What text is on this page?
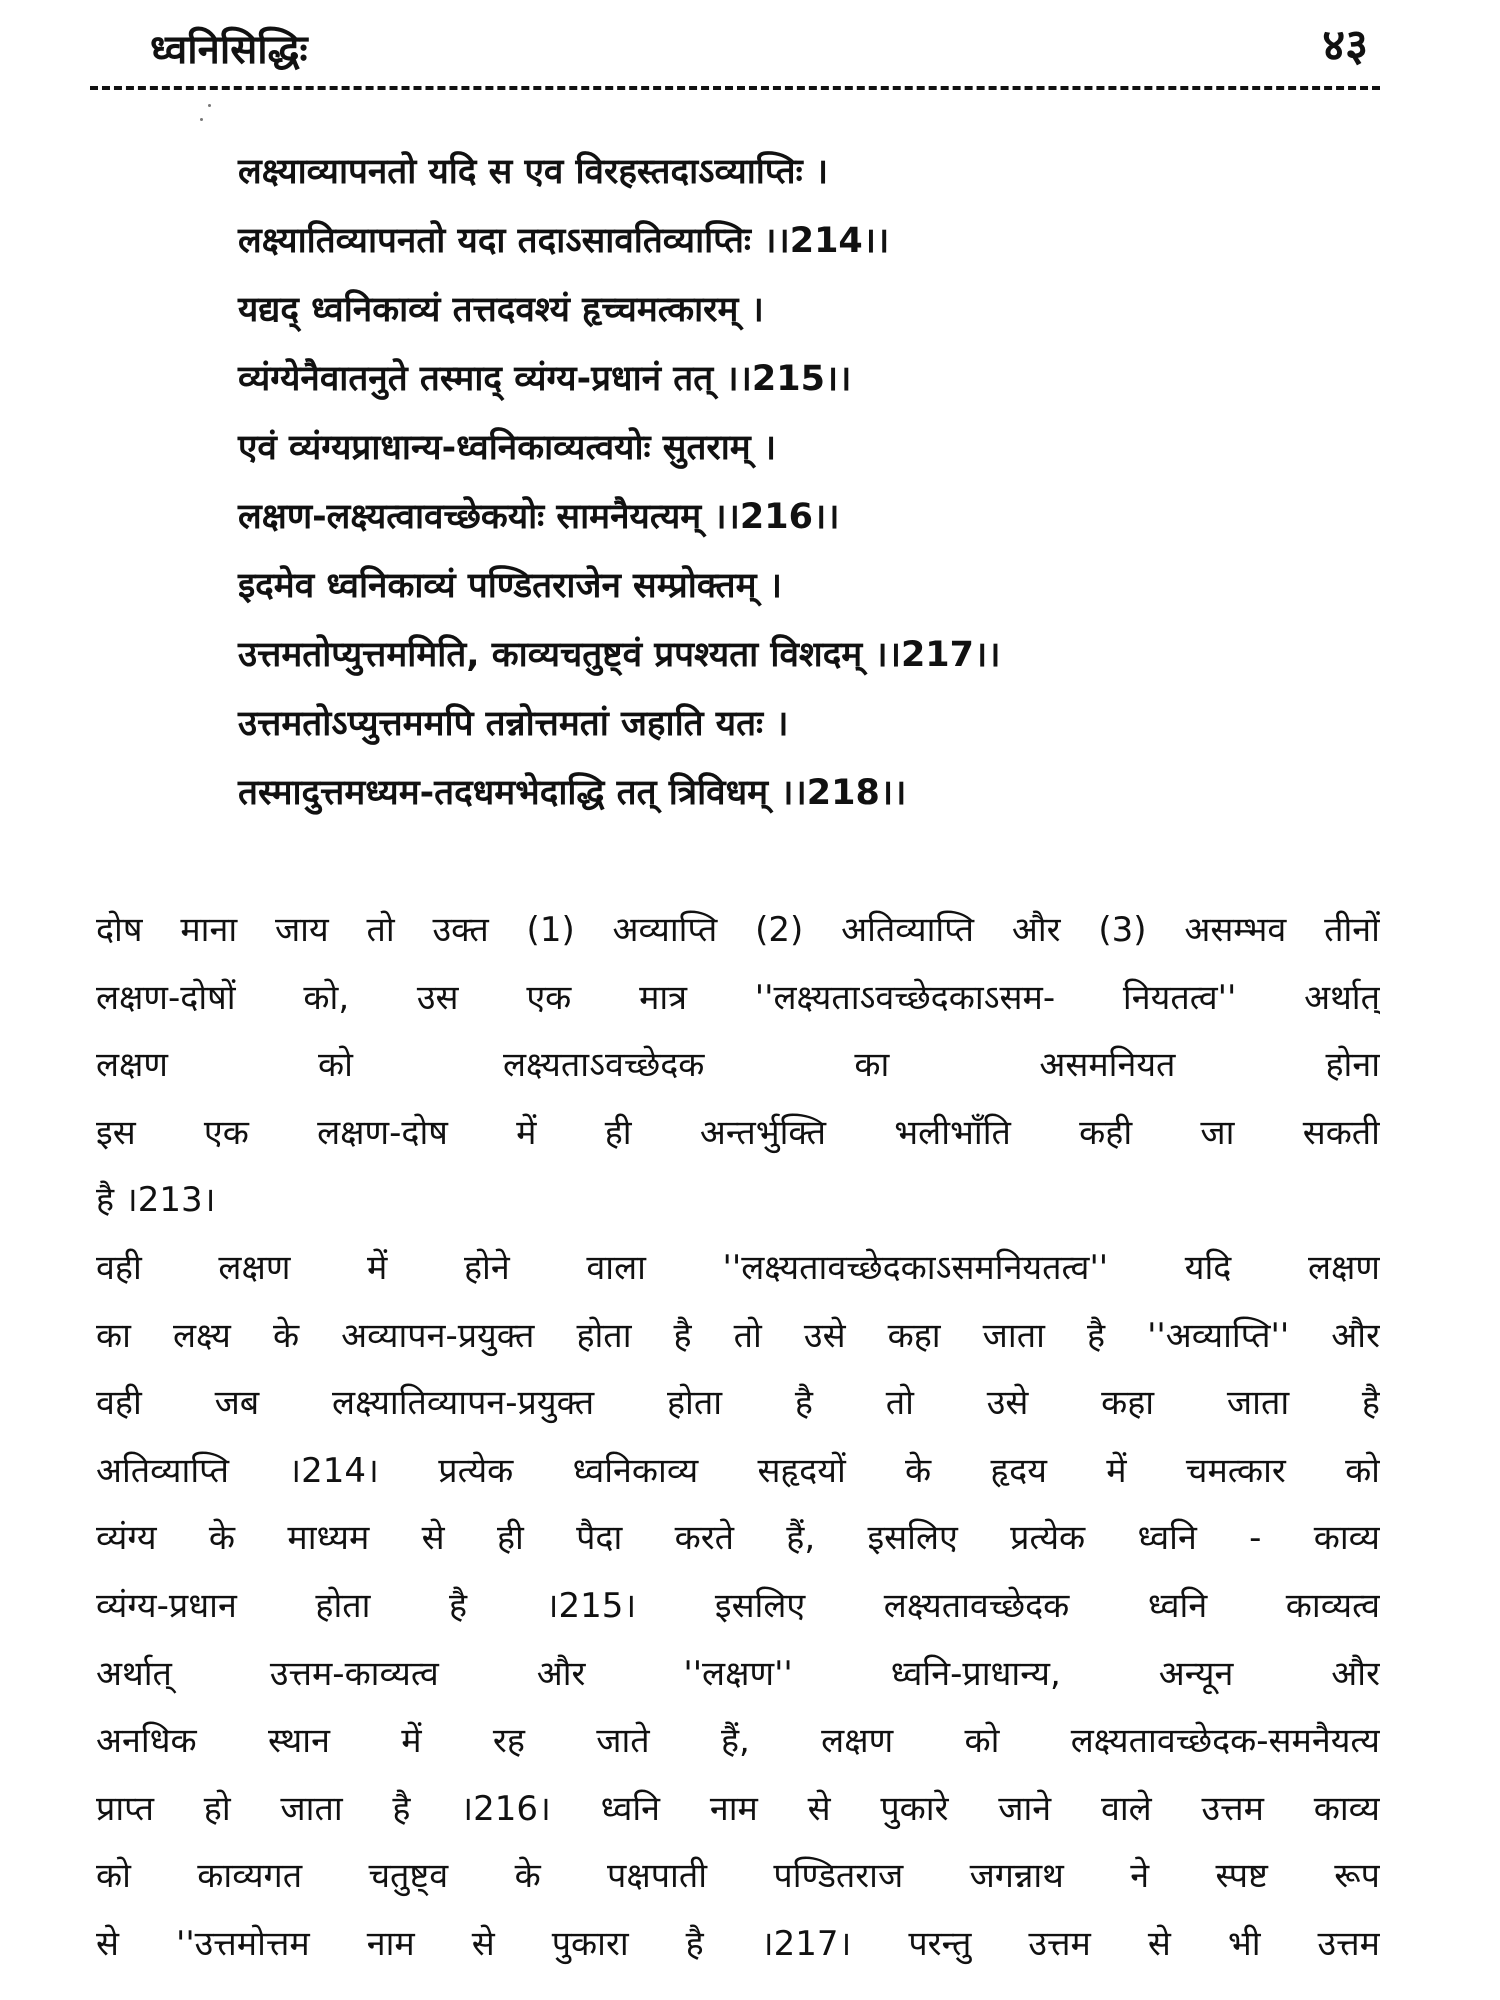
ध्वनिसिद्धिः	४३
लक्ष्याव्यापनतो यदि स एव विरहस्तदाऽव्याप्तिः ।
लक्ष्यातिव्यापनतो यदा तदाऽसावतिव्याप्तिः ।।214।।
यद्यद् ध्वनिकाव्यं तत्तदवश्यं हृच्चमत्कारम् ।
व्यंग्येनैवातनुते तस्माद् व्यंग्य-प्रधानं तत् ।।215।।
एवं व्यंग्यप्राधान्य-ध्वनिकाव्यत्वयोः सुतराम् ।
लक्षण-लक्ष्यत्वावच्छेकयोः सामनैयत्यम् ।।216।।
इदमेव ध्वनिकाव्यं पण्डितराजेन सम्प्रोक्तम् ।
उत्तमतोप्युत्तममिति, काव्यचतुष्ट्वं प्रपश्यता विशदम् ।।217।।
उत्तमतोऽप्युत्तममपि तन्नोत्तमतां जहाति यतः ।
तस्मादुत्तमध्यम-तदधमभेदाद्धि तत् त्रिविधम् ।।218।।
दोष माना जाय तो उक्त (1) अव्याप्ति (2) अतिव्याप्ति और (3) असम्भव तीनों
लक्षण-दोषों को, उस एक मात्र ''लक्ष्यताऽवच्छेदकाऽसम- नियतत्व'' अर्थात्
लक्षण को लक्ष्यताऽवच्छेदक का असमनियत होना
इस एक लक्षण-दोष में ही अन्तर्भुक्ति भलीभाँति कही जा सकती
है ।213।
वही लक्षण में होने वाला ''लक्ष्यतावच्छेदकाऽसमनियतत्व'' यदि लक्षण
का लक्ष्य के अव्यापन-प्रयुक्त होता है तो उसे कहा जाता है ''अव्याप्ति'' और
वही जब लक्ष्यातिव्यापन-प्रयुक्त होता है तो उसे कहा जाता है
अतिव्याप्ति ।214। प्रत्येक ध्वनिकाव्य सहृदयों के हृदय में चमत्कार को
व्यंग्य के माध्यम से ही पैदा करते हैं, इसलिए प्रत्येक ध्वनि - काव्य
व्यंग्य-प्रधान होता है ।215। इसलिए लक्ष्यतावच्छेदक ध्वनि काव्यत्व
अर्थात् उत्तम-काव्यत्व और ''लक्षण'' ध्वनि-प्राधान्य, अन्यून और
अनधिक स्थान में रह जाते हैं, लक्षण को लक्ष्यतावच्छेदक-समनैयत्य
प्राप्त हो जाता है ।216। ध्वनि नाम से पुकारे जाने वाले उत्तम काव्य
को काव्यगत चतुष्ट्व के पक्षपाती पण्डितराज जगन्नाथ ने स्पष्ट रूप
से ''उत्तमोत्तम नाम से पुकारा है ।217। परन्तु उत्तम से भी उत्तम
